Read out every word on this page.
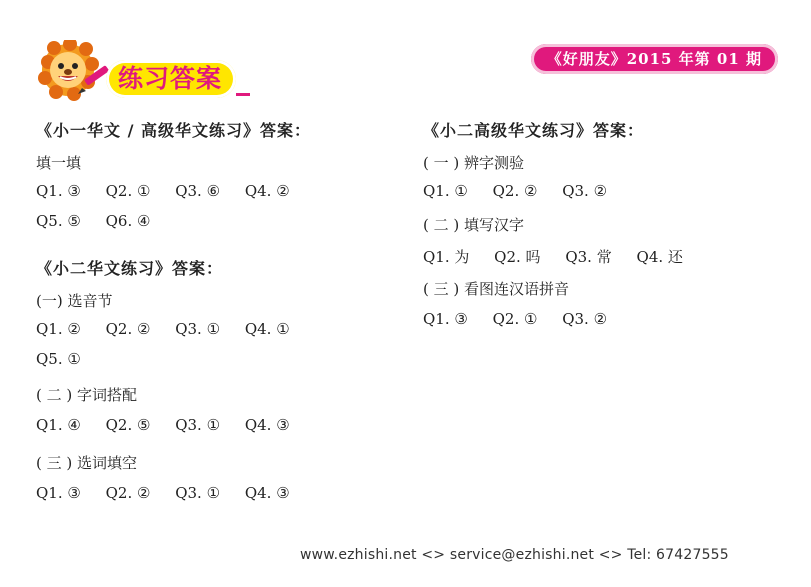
练习答案
《好朋友》2015 年第 01 期
《小一华文 / 高级华文练习》答案：
填一填
Q1. ③ Q2. ① Q3. ⑥ Q4. ②
Q5. ⑤ Q6. ④
《小二华文练习》答案：
(一) 选音节
Q1. ② Q2. ② Q3. ① Q4. ①
Q5. ①
( 二 ) 字词搭配
Q1. ④ Q2. ⑤ Q3. ① Q4. ③
( 三 ) 选词填空
Q1. ③ Q2. ② Q3. ① Q4. ③
《小二高级华文练习》答案：
( 一 ) 辨字测验
Q1. ① Q2. ② Q3. ②
( 二 ) 填写汉字
Q1. 为 Q2. 吗 Q3. 常 Q4. 还
( 三 ) 看图连汉语拼音
Q1. ③ Q2. ① Q3. ②
www.ezhishi.net <> service@ezhishi.net <> Tel: 67427555
